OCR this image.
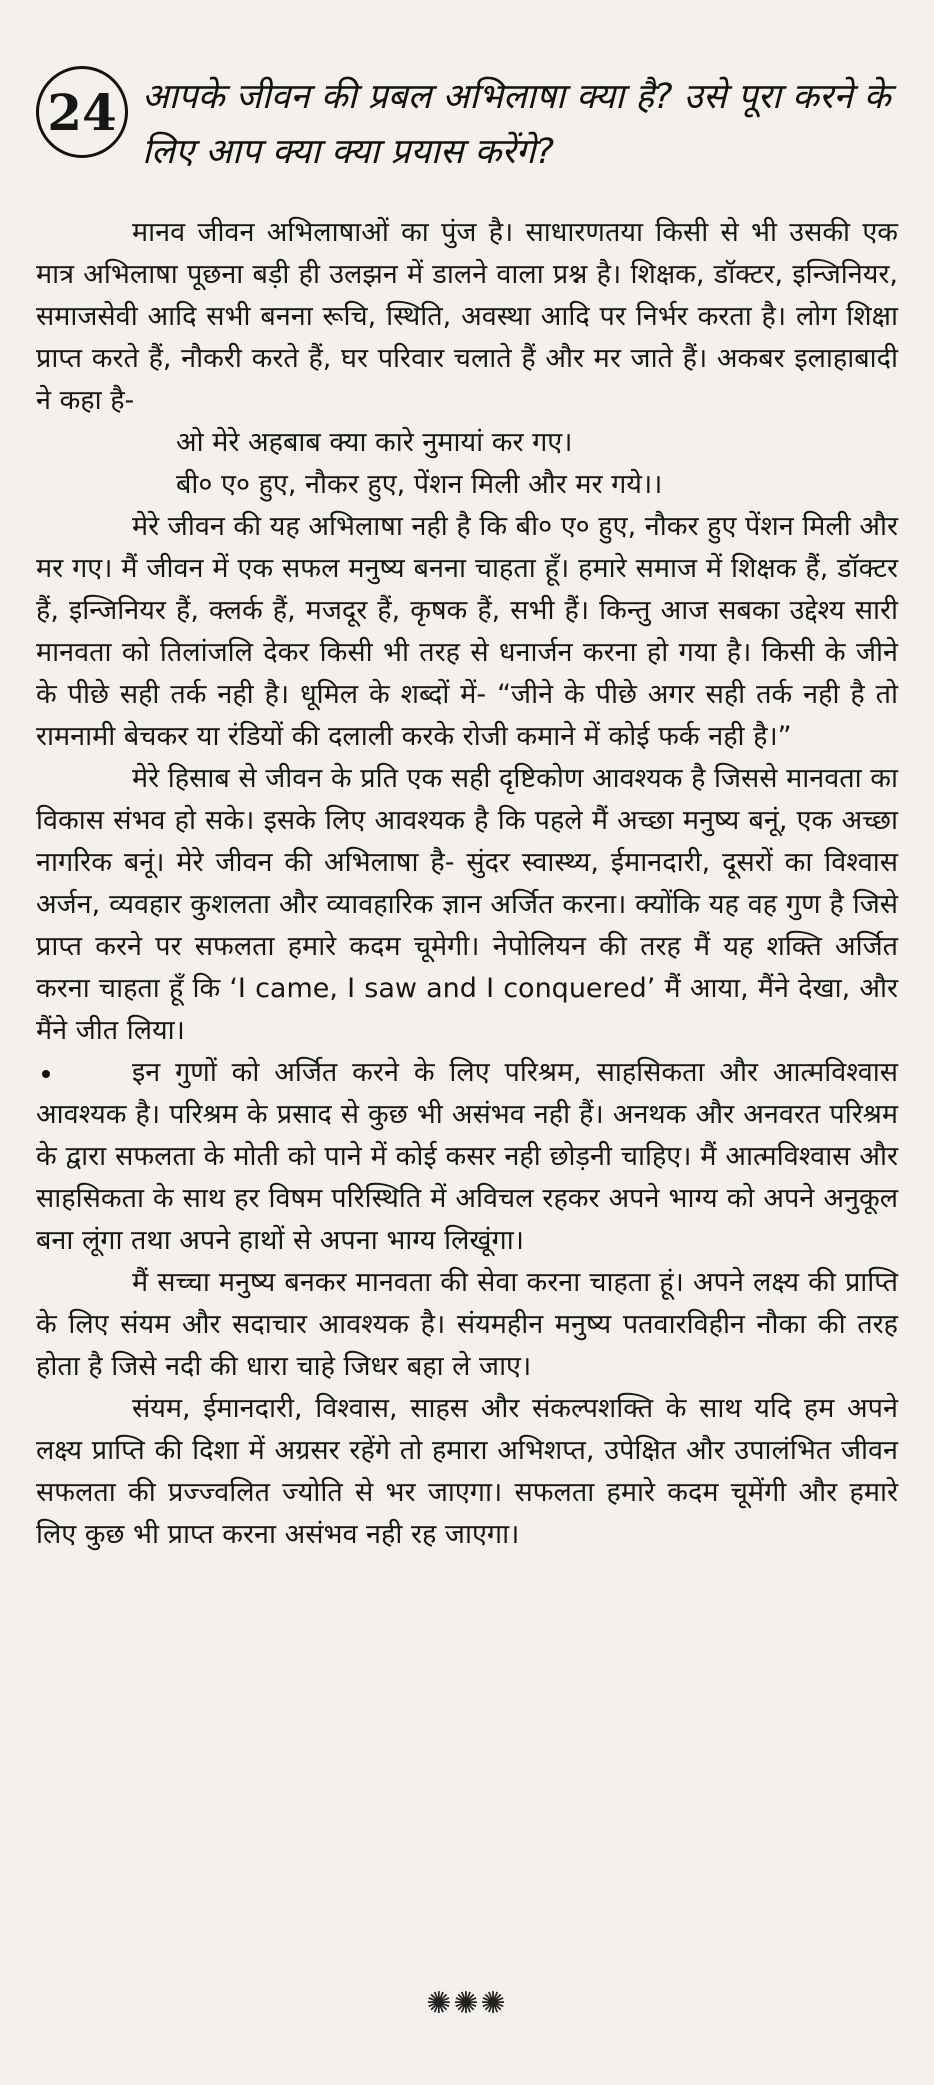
24 आपके जीवन की प्रबल अभिलाषा क्या है? उसे पूरा करने के लिए आप क्या क्या प्रयास करेंगे?

मानव जीवन अभिलाषाओं का पुंज है। साधारणतया किसी से भी उसकी एक मात्र अभिलाषा पूछना बड़ी ही उलझन में डालने वाला प्रश्न है। शिक्षक, डॉक्टर, इन्जिनियर, समाजसेवी आदि सभी बनना रूचि, स्थिति, अवस्था आदि पर निर्भर करता है। लोग शिक्षा प्राप्त करते हैं, नौकरी करते हैं, घर परिवार चलाते हैं और मर जाते हैं। अकबर इलाहाबादी ने कहा है-

ओ मेरे अहबाब क्या कारे नुमायां कर गए।
बी० ए० हुए, नौकर हुए, पेंशन मिली और मर गये।।

मेरे जीवन की यह अभिलाषा नही है कि बी० ए० हुए, नौकर हुए पेंशन मिली और मर गए। मैं जीवन में एक सफल मनुष्य बनना चाहता हूँ। हमारे समाज में शिक्षक हैं, डॉक्टर हैं, इन्जिनियर हैं, क्लर्क हैं, मजदूर हैं, कृषक हैं, सभी हैं। किन्तु आज सबका उद्देश्य सारी मानवता को तिलांजलि देकर किसी भी तरह से धनार्जन करना हो गया है। किसी के जीने के पीछे सही तर्क नही है। धूमिल के शब्दों में- “जीने के पीछे अगर सही तर्क नही है तो रामनामी बेचकर या रंडियों की दलाली करके रोजी कमाने में कोई फर्क नही है।”

मेरे हिसाब से जीवन के प्रति एक सही दृष्टिकोण आवश्यक है जिससे मानवता का विकास संभव हो सके। इसके लिए आवश्यक है कि पहले मैं अच्छा मनुष्य बनूं, एक अच्छा नागरिक बनूं। मेरे जीवन की अभिलाषा है- सुंदर स्वास्थ्य, ईमानदारी, दूसरों का विश्वास अर्जन, व्यवहार कुशलता और व्यावहारिक ज्ञान अर्जित करना। क्योंकि यह वह गुण है जिसे प्राप्त करने पर सफलता हमारे कदम चूमेगी। नेपोलियन की तरह मैं यह शक्ति अर्जित करना चाहता हूँ कि ‘I came, I saw and I conquered’ मैं आया, मैंने देखा, और मैंने जीत लिया।

इन गुणों को अर्जित करने के लिए परिश्रम, साहसिकता और आत्मविश्वास आवश्यक है। परिश्रम के प्रसाद से कुछ भी असंभव नही हैं। अनथक और अनवरत परिश्रम के द्वारा सफलता के मोती को पाने में कोई कसर नही छोड़नी चाहिए। मैं आत्मविश्वास और साहसिकता के साथ हर विषम परिस्थिति में अविचल रहकर अपने भाग्य को अपने अनुकूल बना लूंगा तथा अपने हाथों से अपना भाग्य लिखूंगा।

मैं सच्चा मनुष्य बनकर मानवता की सेवा करना चाहता हूं। अपने लक्ष्य की प्राप्ति के लिए संयम और सदाचार आवश्यक है। संयमहीन मनुष्य पतवारविहीन नौका की तरह होता है जिसे नदी की धारा चाहे जिधर बहा ले जाए।

संयम, ईमानदारी, विश्वास, साहस और संकल्पशक्ति के साथ यदि हम अपने लक्ष्य प्राप्ति की दिशा में अग्रसर रहेंगे तो हमारा अभिशप्त, उपेक्षित और उपालंभित जीवन सफलता की प्रज्ज्वलित ज्योति से भर जाएगा। सफलता हमारे कदम चूमेंगी और हमारे लिए कुछ भी प्राप्त करना असंभव नही रह जाएगा।

✺✺✺
